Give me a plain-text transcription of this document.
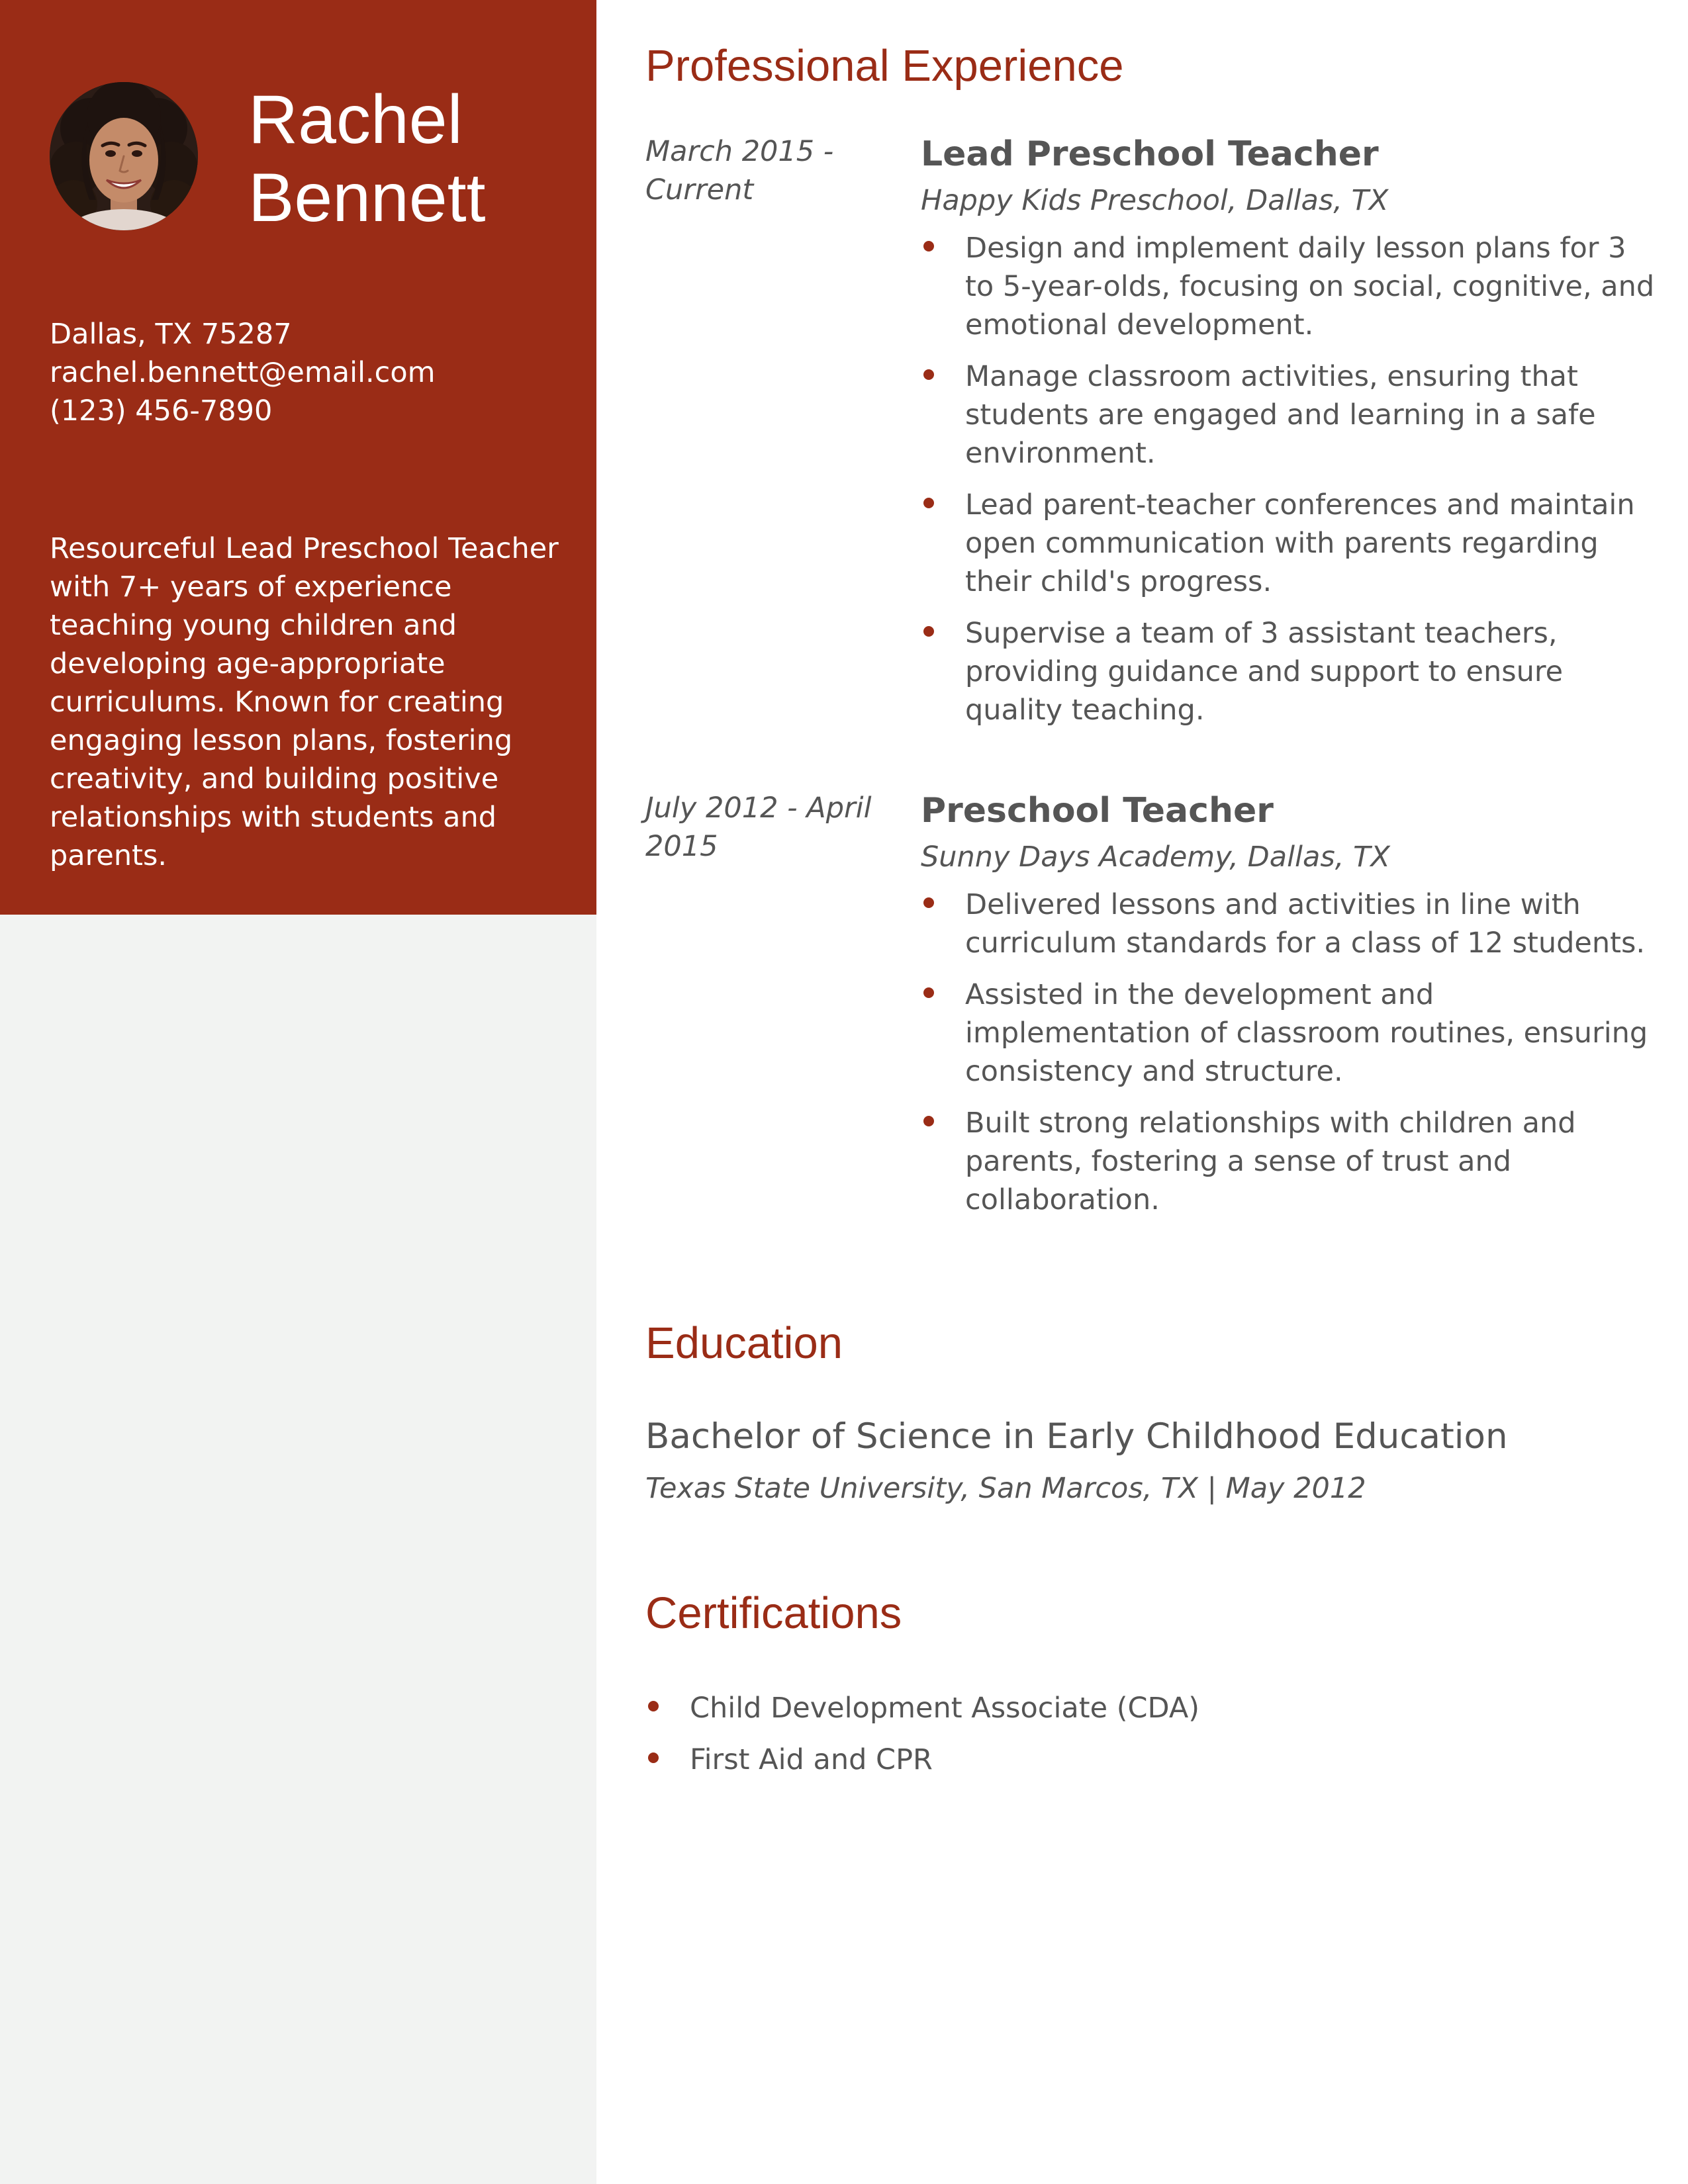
Rachel
Bennett
Dallas, TX 75287
rachel.bennett@email.com
(123) 456-7890

Resourceful Lead Preschool Teacher with 7+ years of experience teaching young children and developing age-appropriate curriculums. Known for creating engaging lesson plans, fostering creativity, and building positive relationships with students and parents.

Professional Experience
March 2015 - Current
Lead Preschool Teacher

Happy Kids Preschool, Dallas, TX

Design and implement daily lesson plans for 3 to 5-year-olds, focusing on social, cognitive, and emotional development.
Manage classroom activities, ensuring that students are engaged and learning in a safe environment.
Lead parent-teacher conferences and maintain open communication with parents regarding their child's progress.
Supervise a team of 3 assistant teachers, providing guidance and support to ensure quality teaching.
July 2012 - April 2015
Preschool Teacher

Sunny Days Academy, Dallas, TX

Delivered lessons and activities in line with curriculum standards for a class of 12 students.
Assisted in the development and implementation of classroom routines, ensuring consistency and structure.
Built strong relationships with children and parents, fostering a sense of trust and collaboration.
Education

Bachelor of Science in Early Childhood Education

Texas State University, San Marcos, TX | May 2012

Certifications
Child Development Associate (CDA)
First Aid and CPR
